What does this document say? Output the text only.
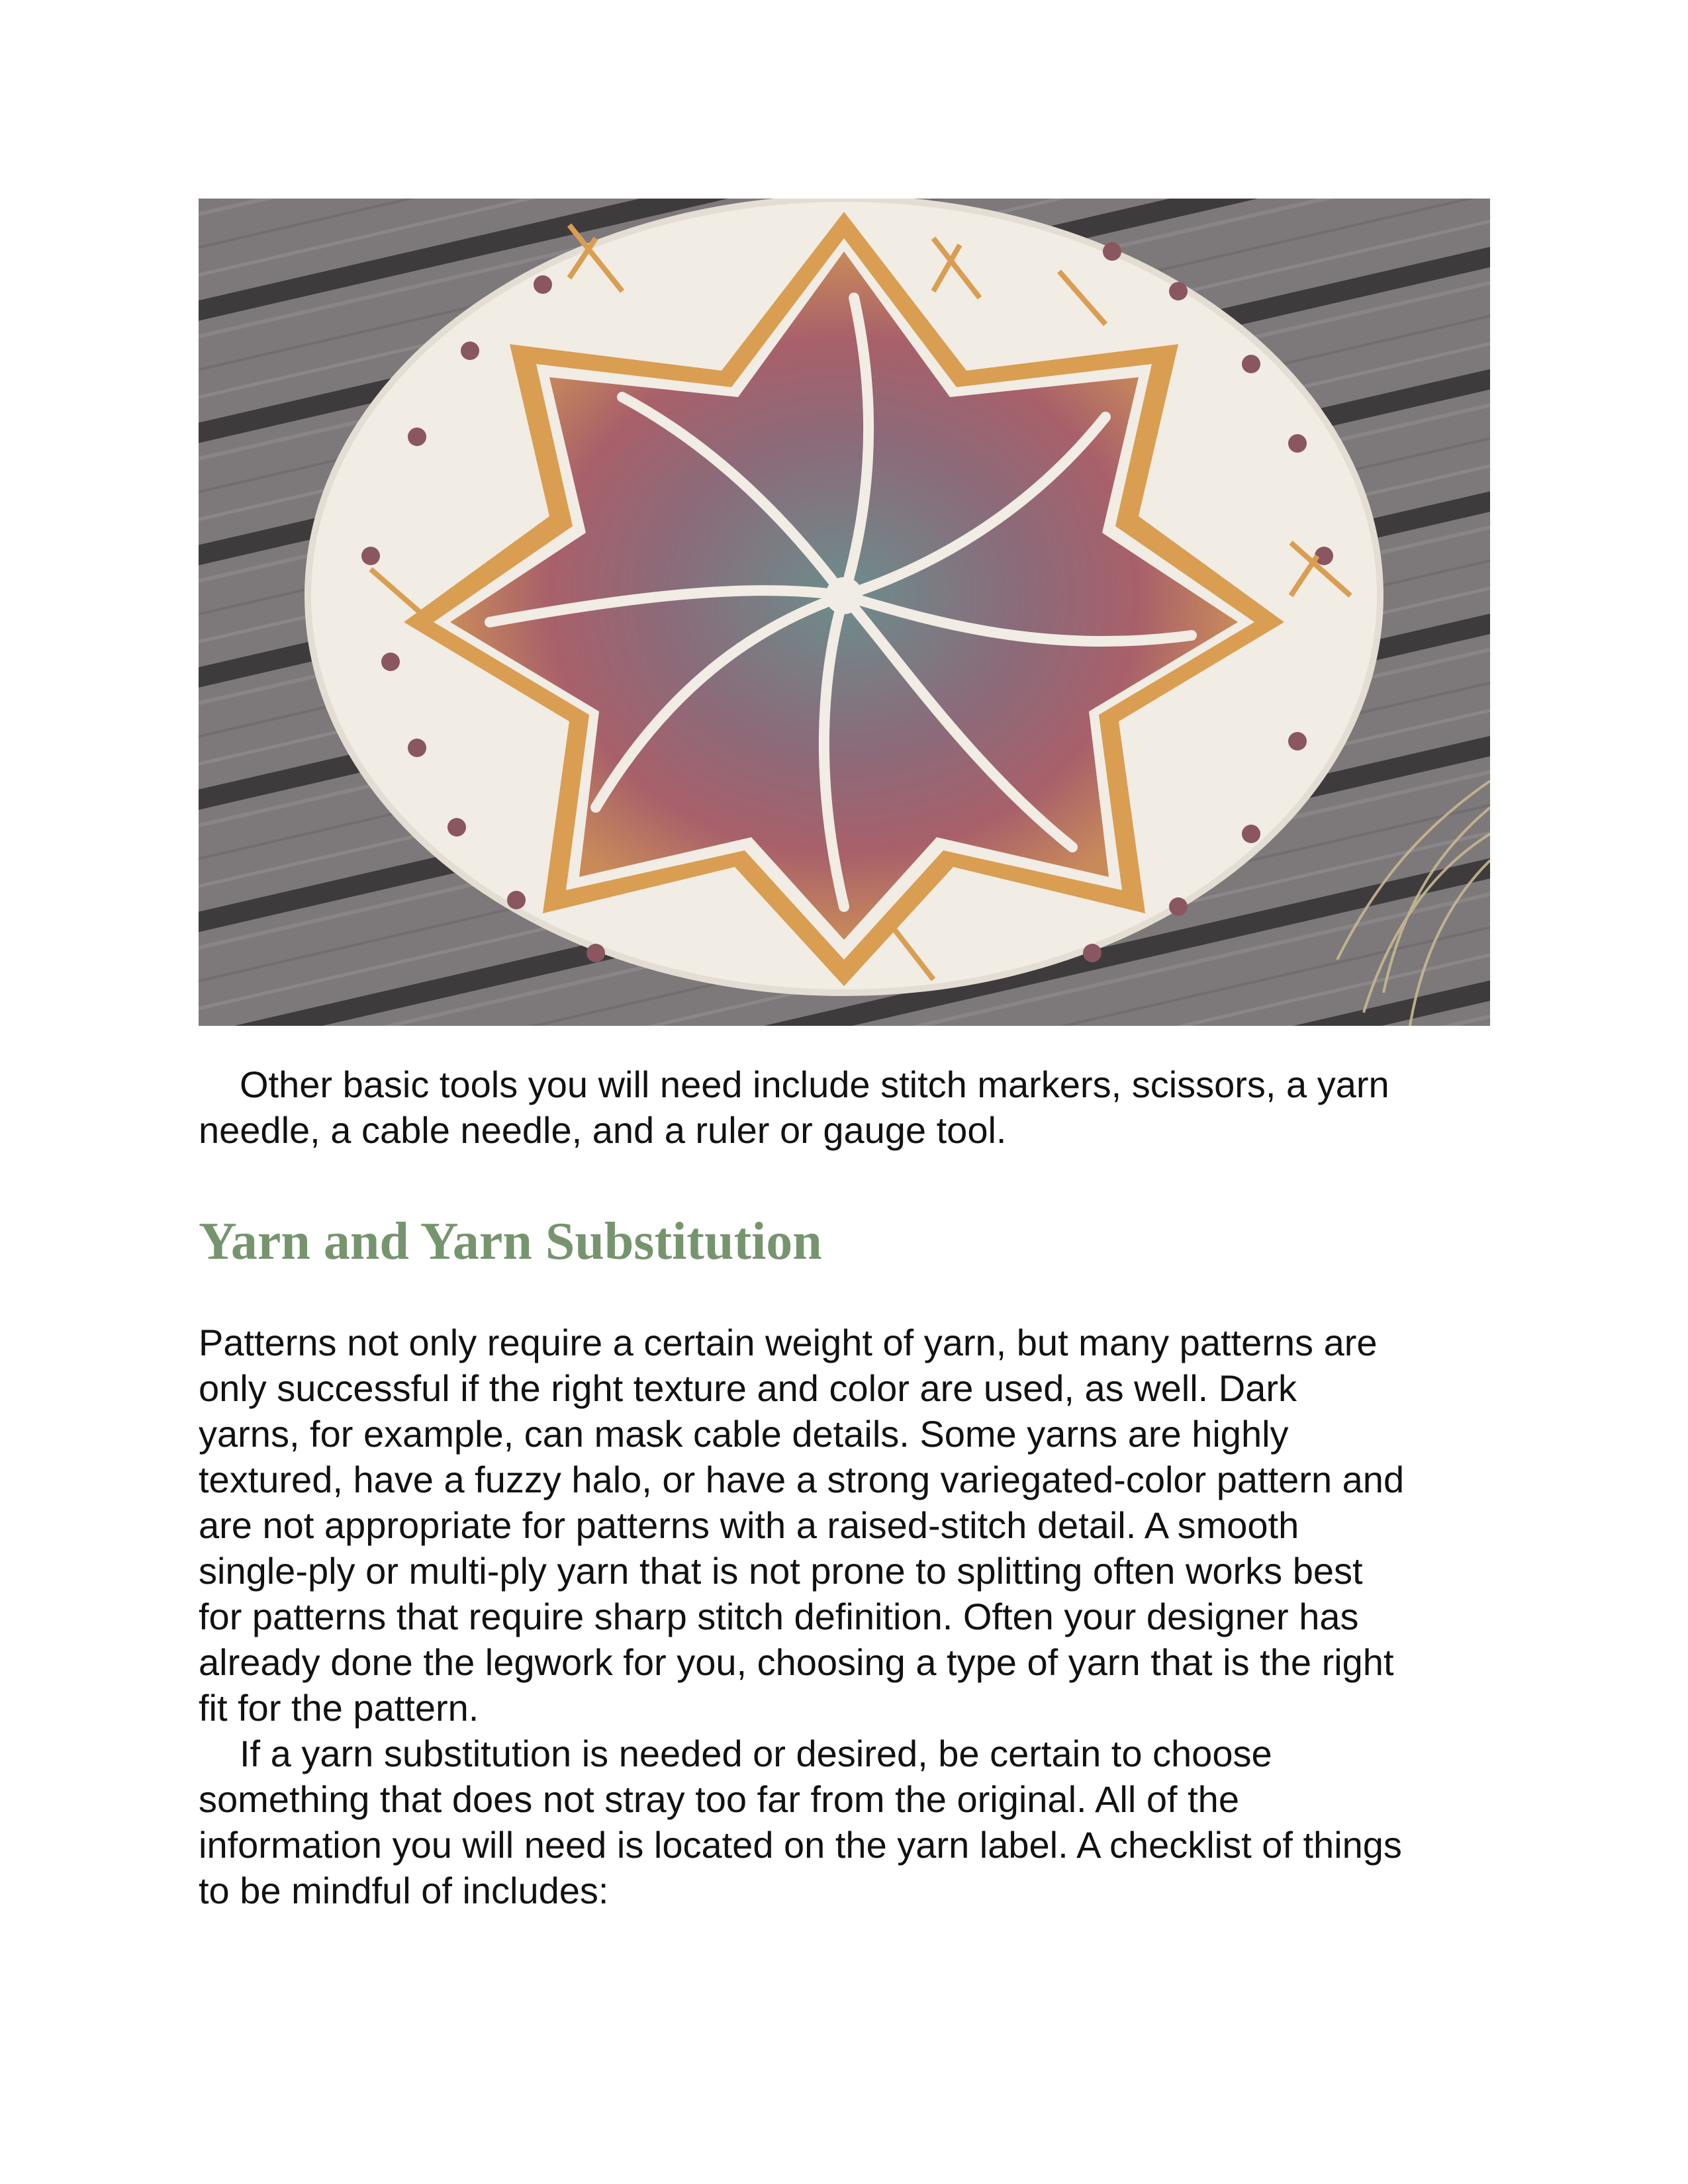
Other basic tools you will need include stitch markers, scissors, a yarn
needle, a cable needle, and a ruler or gauge tool.

Yarn and Yarn Substitution

Patterns not only require a certain weight of yarn, but many patterns are
only successful if the right texture and color are used, as well. Dark
yarns, for example, can mask cable details. Some yarns are highly
textured, have a fuzzy halo, or have a strong variegated-color pattern and
are not appropriate for patterns with a raised-stitch detail. A smooth
single-ply or multi-ply yarn that is not prone to splitting often works best
for patterns that require sharp stitch definition. Often your designer has
already done the legwork for you, choosing a type of yarn that is the right
fit for the pattern.

If a yarn substitution is needed or desired, be certain to choose
something that does not stray too far from the original. All of the
information you will need is located on the yarn label. A checklist of things
to be mindful of includes:
